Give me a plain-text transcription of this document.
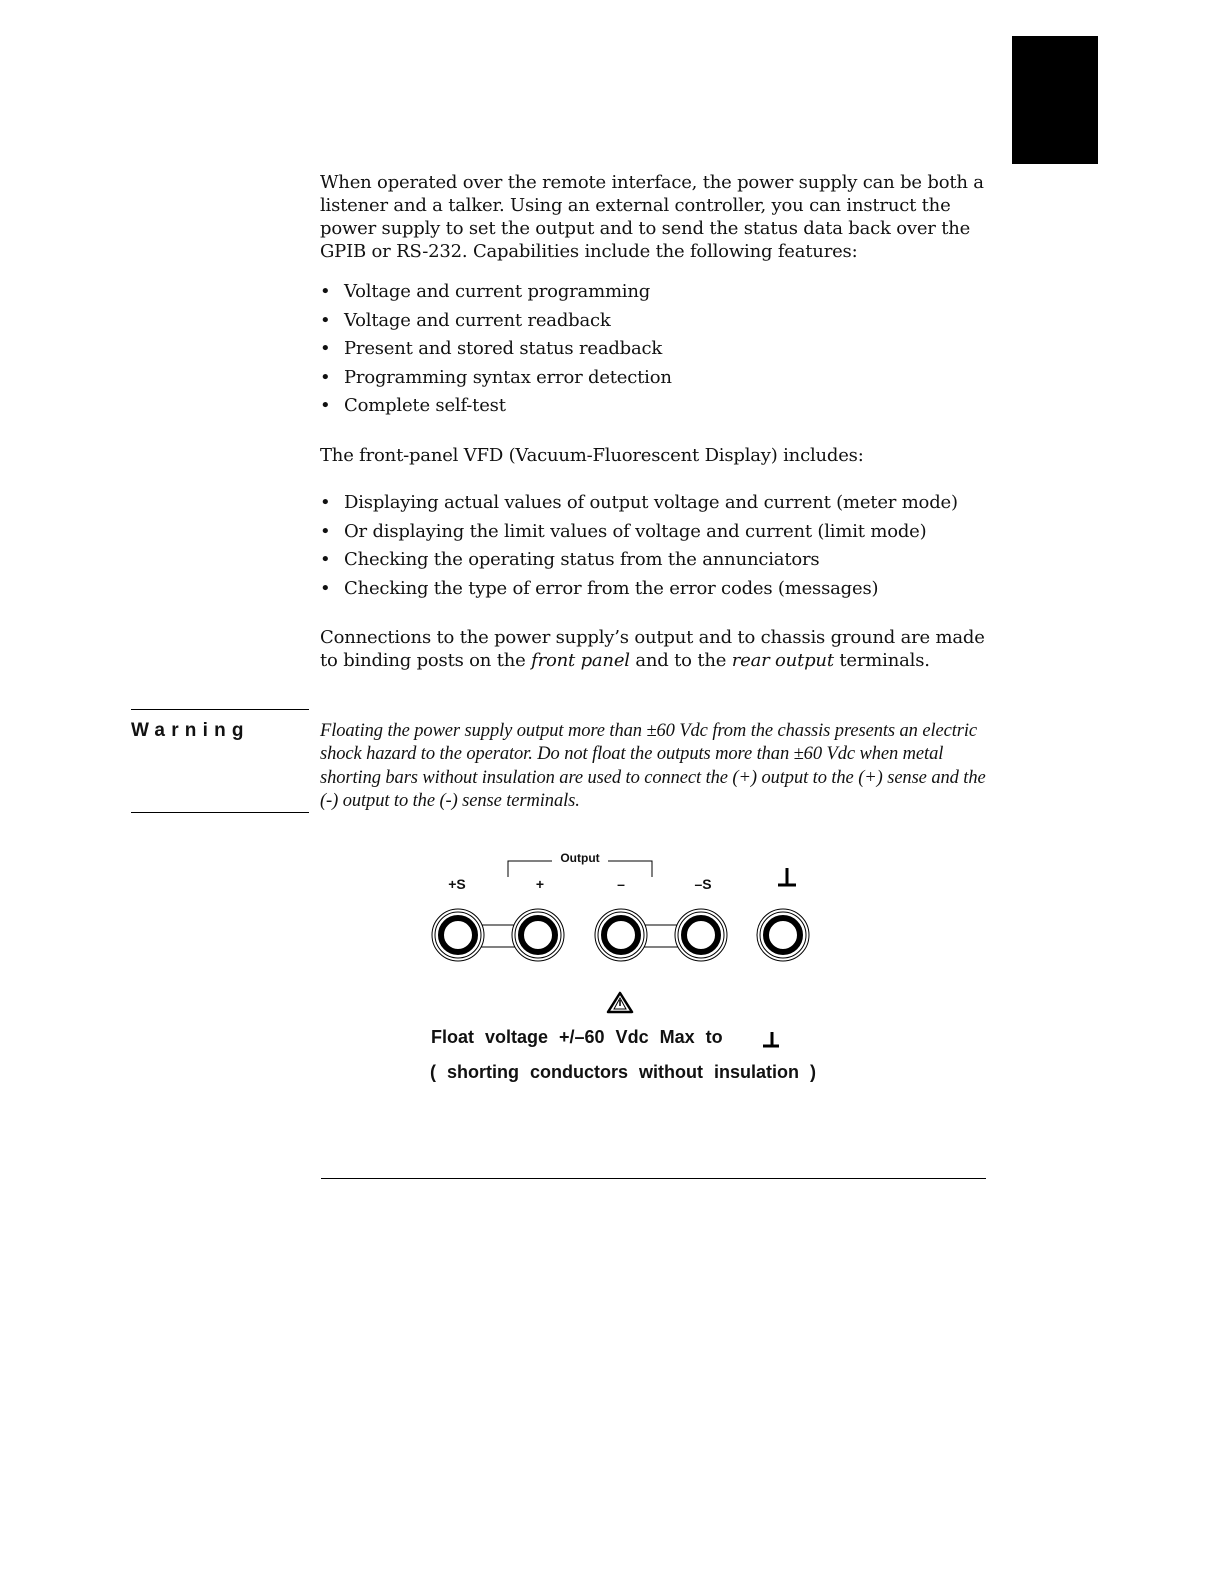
When operated over the remote interface, the power supply can be both a listener and a talker. Using an external controller, you can instruct the power supply to set the output and to send the status data back over the GPIB or RS-232. Capabilities include the following features:

• Voltage and current programming
• Voltage and current readback
• Present and stored status readback
• Programming syntax error detection
• Complete self-test

The front-panel VFD (Vacuum-Fluorescent Display) includes:

• Displaying actual values of output voltage and current (meter mode)
• Or displaying the limit values of voltage and current (limit mode)
• Checking the operating status from the annunciators
• Checking the type of error from the error codes (messages)

Connections to the power supply’s output and to chassis ground are made to binding posts on the front panel and to the rear output terminals.

Warning	Floating the power supply output more than ±60 Vdc from the chassis presents an electric shock hazard to the operator. Do not float the outputs more than ±60 Vdc when metal shorting bars without insulation are used to connect the (+) output to the (+) sense and the (-) output to the (-) sense terminals.
Output
+S	+	–	–S
Float voltage +/–60 Vdc Max to
( shorting conductors without insulation )
